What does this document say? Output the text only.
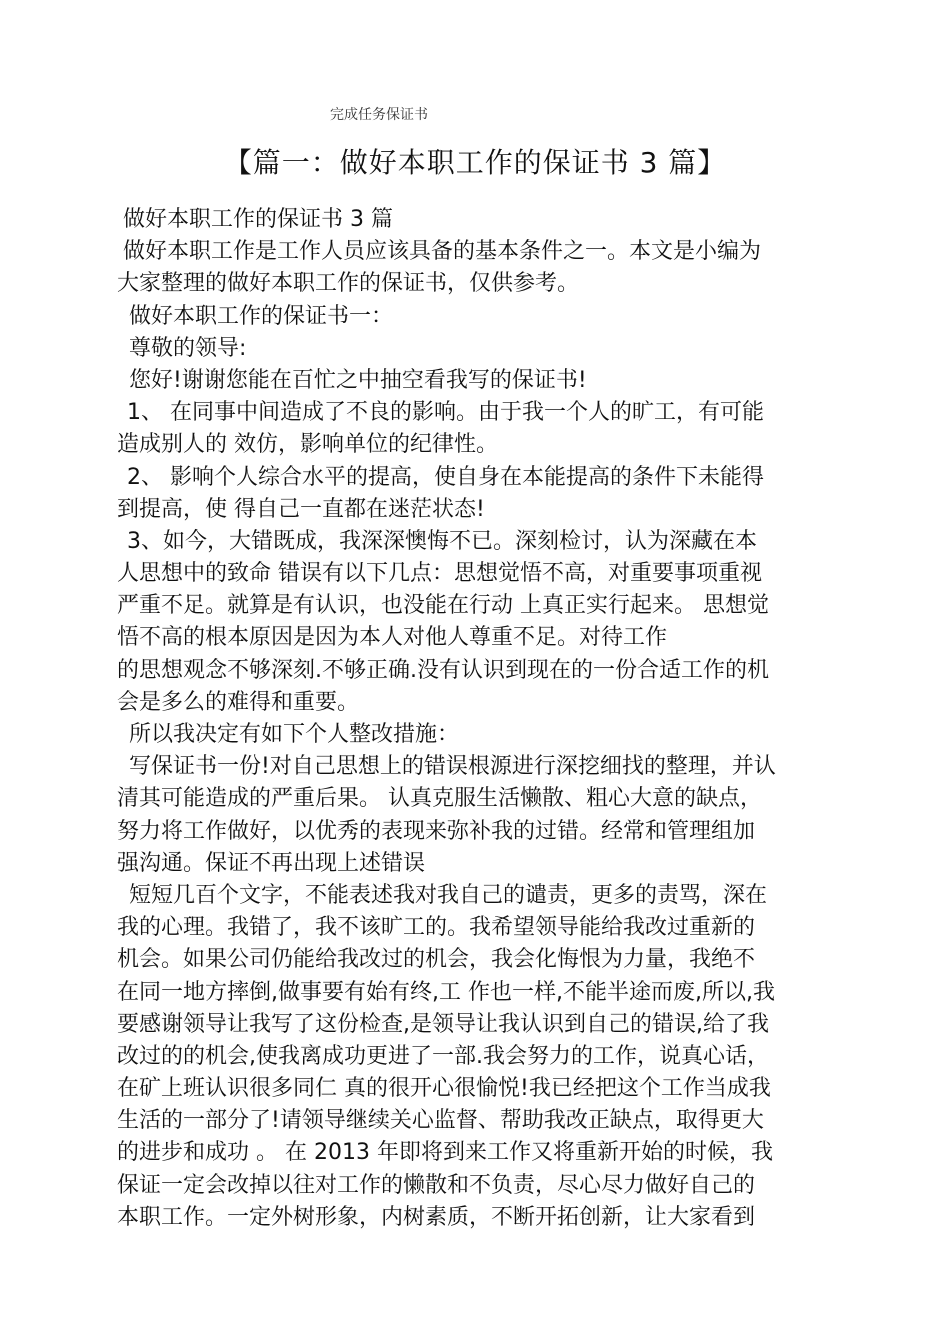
完成任务保证书
【篇一：做好本职工作的保证书 3 篇】
做好本职工作的保证书 3 篇
做好本职工作是工作人员应该具备的基本条件之一。本文是小编为
大家整理的做好本职工作的保证书，仅供参考。
做好本职工作的保证书一：
尊敬的领导:
您好!谢谢您能在百忙之中抽空看我写的保证书!
1、 在同事中间造成了不良的影响。由于我一个人的旷工，有可能
造成别人的 效仿，影响单位的纪律性。
2、 影响个人综合水平的提高，使自身在本能提高的条件下未能得
到提高，使 得自己一直都在迷茫状态!
3、如今，大错既成，我深深懊悔不已。深刻检讨，认为深藏在本
人思想中的致命 错误有以下几点：思想觉悟不高，对重要事项重视
严重不足。就算是有认识，也没能在行动 上真正实行起来。 思想觉
悟不高的根本原因是因为本人对他人尊重不足。对待工作
的思想观念不够深刻.不够正确.没有认识到现在的一份合适工作的机
会是多么的难得和重要。
所以我决定有如下个人整改措施：
写保证书一份!对自己思想上的错误根源进行深挖细找的整理，并认
清其可能造成的严重后果。 认真克服生活懒散、粗心大意的缺点，
努力将工作做好，以优秀的表现来弥补我的过错。经常和管理组加
强沟通。保证不再出现上述错误
短短几百个文字，不能表述我对我自己的谴责，更多的责骂，深在
我的心理。我错了，我不该旷工的。我希望领导能给我改过重新的
机会。如果公司仍能给我改过的机会，我会化悔恨为力量，我绝不
在同一地方摔倒,做事要有始有终,工 作也一样,不能半途而废,所以,我
要感谢领导让我写了这份检查,是领导让我认识到自己的错误,给了我
改过的的机会,使我离成功更进了一部.我会努力的工作，说真心话，
在矿上班认识很多同仁 真的很开心很愉悦!我已经把这个工作当成我
生活的一部分了!请领导继续关心监督、帮助我改正缺点，取得更大
的进步和成功 。 在 2013 年即将到来工作又将重新开始的时候，我
保证一定会改掉以往对工作的懒散和不负责，尽心尽力做好自己的
本职工作。一定外树形象，内树素质，不断开拓创新，让大家看到
